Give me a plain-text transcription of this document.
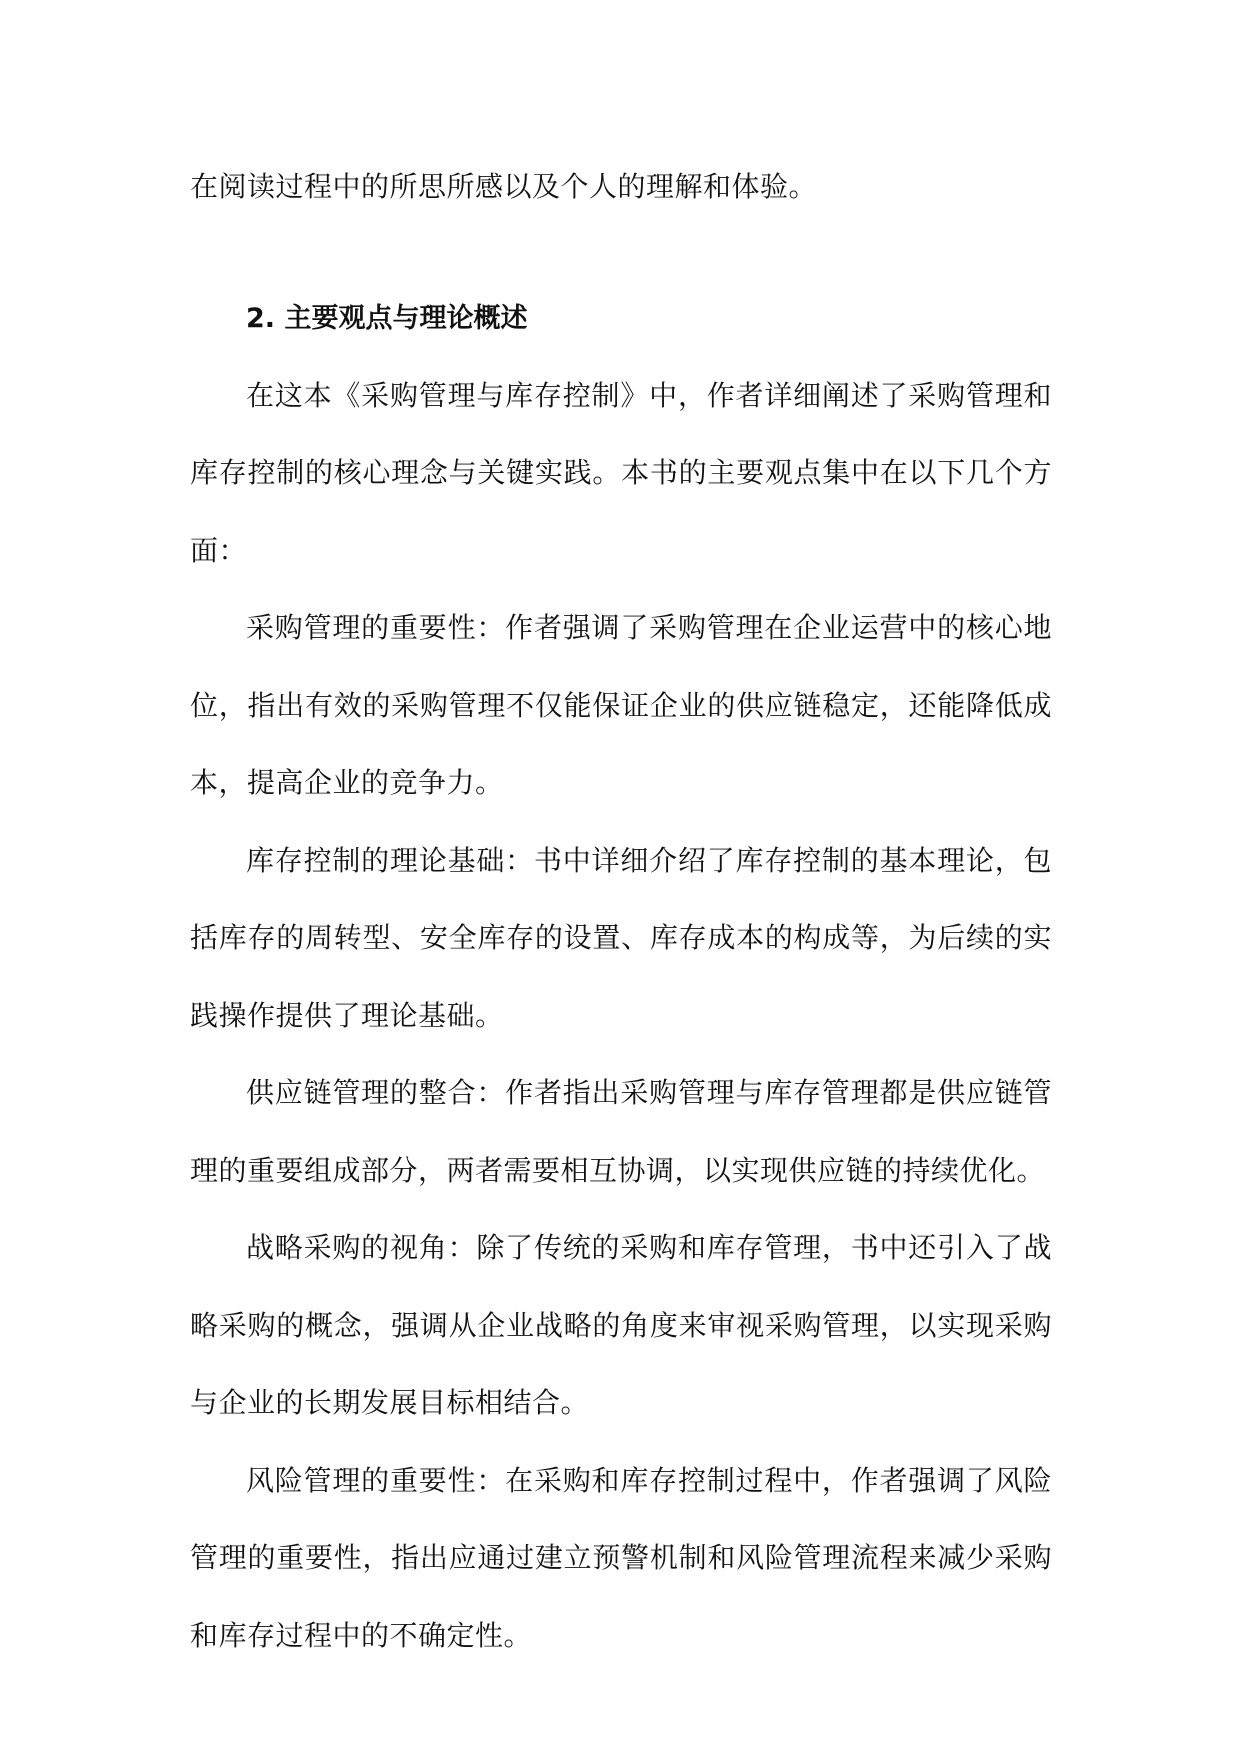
在阅读过程中的所思所感以及个人的理解和体验。

2. 主要观点与理论概述

在这本《采购管理与库存控制》中，作者详细阐述了采购管理和库存控制的核心理念与关键实践。本书的主要观点集中在以下几个方面：

采购管理的重要性：作者强调了采购管理在企业运营中的核心地位，指出有效的采购管理不仅能保证企业的供应链稳定，还能降低成本，提高企业的竞争力。

库存控制的理论基础：书中详细介绍了库存控制的基本理论，包括库存的周转型、安全库存的设置、库存成本的构成等，为后续的实践操作提供了理论基础。

供应链管理的整合：作者指出采购管理与库存管理都是供应链管理的重要组成部分，两者需要相互协调，以实现供应链的持续优化。

战略采购的视角：除了传统的采购和库存管理，书中还引入了战略采购的概念，强调从企业战略的角度来审视采购管理，以实现采购与企业的长期发展目标相结合。

风险管理的重要性：在采购和库存控制过程中，作者强调了风险管理的重要性，指出应通过建立预警机制和风险管理流程来减少采购和库存过程中的不确定性。
